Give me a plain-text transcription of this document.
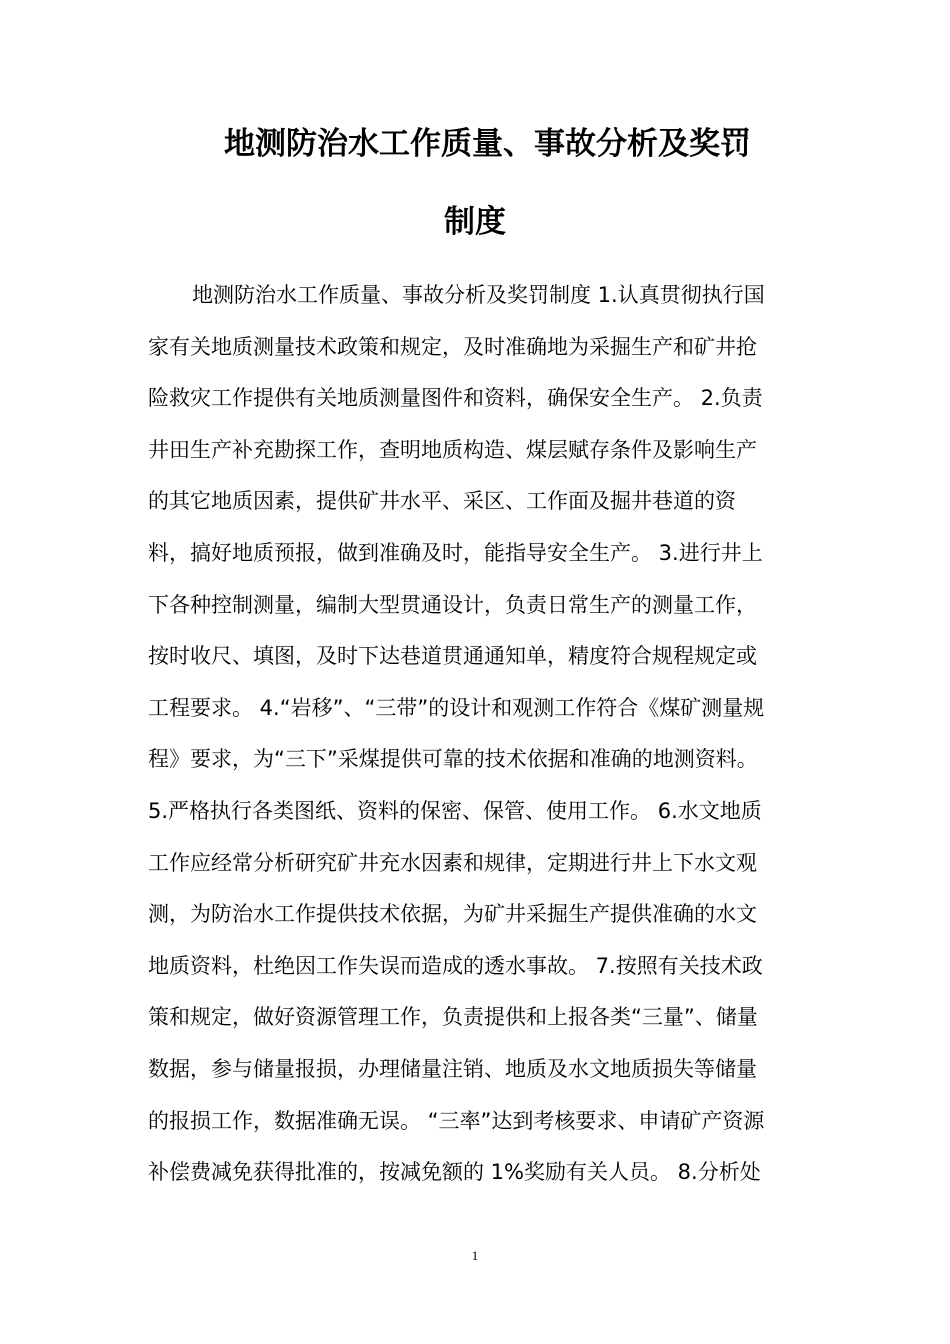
地测防治水工作质量、事故分析及奖罚
制度
地测防治水工作质量、事故分析及奖罚制度 1.认真贯彻执行国
家有关地质测量技术政策和规定，及时准确地为采掘生产和矿井抢
险救灾工作提供有关地质测量图件和资料，确保安全生产。 2.负责
井田生产补充勘探工作，查明地质构造、煤层赋存条件及影响生产
的其它地质因素，提供矿井水平、采区、工作面及掘井巷道的资
料，搞好地质预报，做到准确及时，能指导安全生产。 3.进行井上
下各种控制测量，编制大型贯通设计，负责日常生产的测量工作，
按时收尺、填图，及时下达巷道贯通通知单，精度符合规程规定或
工程要求。 4.“岩移”、“三带”的设计和观测工作符合《煤矿测量规
程》要求，为“三下”采煤提供可靠的技术依据和准确的地测资料。
5.严格执行各类图纸、资料的保密、保管、使用工作。 6.水文地质
工作应经常分析研究矿井充水因素和规律，定期进行井上下水文观
测，为防治水工作提供技术依据，为矿井采掘生产提供准确的水文
地质资料，杜绝因工作失误而造成的透水事故。 7.按照有关技术政
策和规定，做好资源管理工作，负责提供和上报各类“三量”、储量
数据，参与储量报损，办理储量注销、地质及水文地质损失等储量
的报损工作，数据准确无误。 “三率”达到考核要求、申请矿产资源
补偿费减免获得批准的，按减免额的 1%奖励有关人员。 8.分析处
1
